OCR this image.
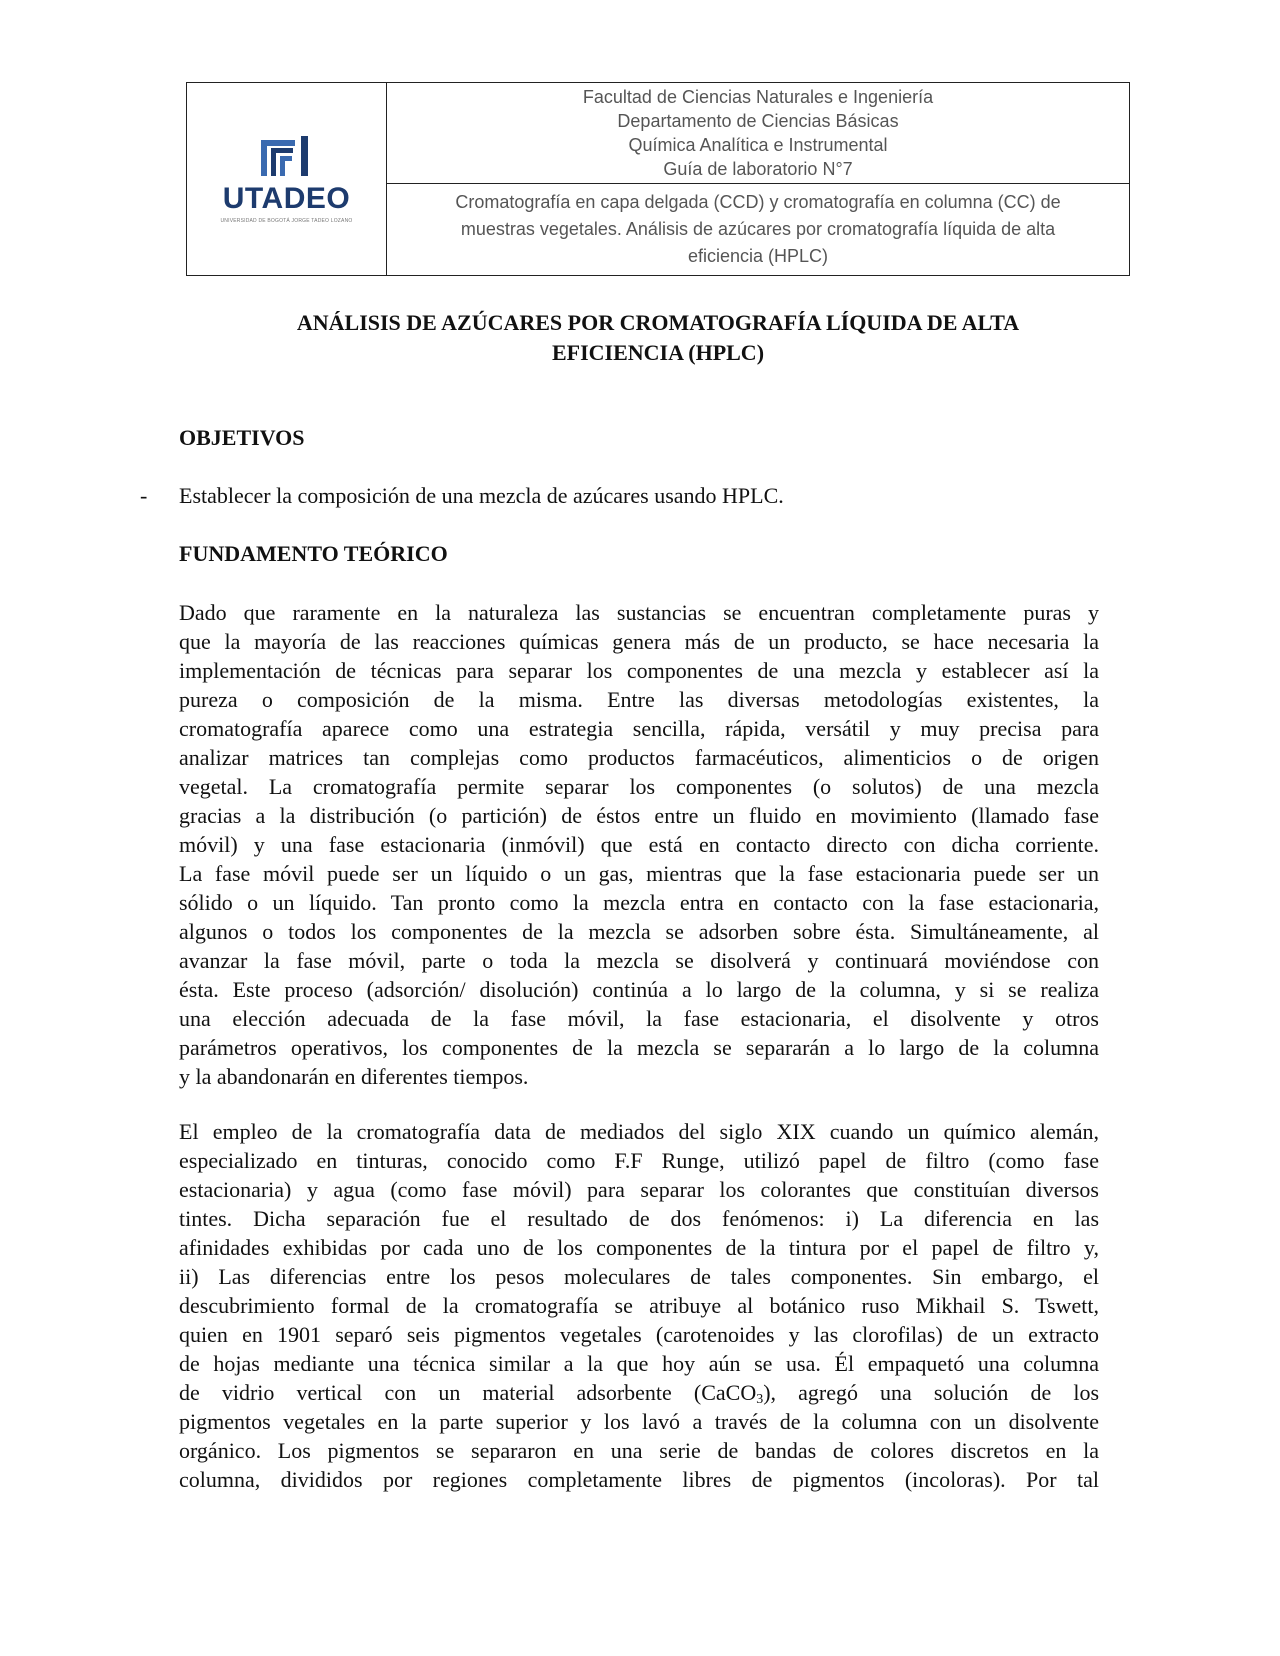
UTADEO
UNIVERSIDAD DE BOGOTÁ JORGE TADEO LOZANO
Facultad de Ciencias Naturales e Ingeniería
Departamento de Ciencias Básicas
Química Analítica e Instrumental
Guía de laboratorio N°7
Cromatografía en capa delgada (CCD) y cromatografía en columna (CC) de
muestras vegetales. Análisis de azúcares por cromatografía líquida de alta
eficiencia (HPLC)
ANÁLISIS DE AZÚCARES POR CROMATOGRAFÍA LÍQUIDA DE ALTA
EFICIENCIA (HPLC)
OBJETIVOS
- Establecer la composición de una mezcla de azúcares usando HPLC.
FUNDAMENTO TEÓRICO
Dado que raramente en la naturaleza las sustancias se encuentran completamente puras y
que la mayoría de las reacciones químicas genera más de un producto, se hace necesaria la
implementación de técnicas para separar los componentes de una mezcla y establecer así la
pureza o composición de la misma. Entre las diversas metodologías existentes, la
cromatografía aparece como una estrategia sencilla, rápida, versátil y muy precisa para
analizar matrices tan complejas como productos farmacéuticos, alimenticios o de origen
vegetal. La cromatografía permite separar los componentes (o solutos) de una mezcla
gracias a la distribución (o partición) de éstos entre un fluido en movimiento (llamado fase
móvil) y una fase estacionaria (inmóvil) que está en contacto directo con dicha corriente.
La fase móvil puede ser un líquido o un gas, mientras que la fase estacionaria puede ser un
sólido o un líquido. Tan pronto como la mezcla entra en contacto con la fase estacionaria,
algunos o todos los componentes de la mezcla se adsorben sobre ésta. Simultáneamente, al
avanzar la fase móvil, parte o toda la mezcla se disolverá y continuará moviéndose con
ésta. Este proceso (adsorción/ disolución) continúa a lo largo de la columna, y si se realiza
una elección adecuada de la fase móvil, la fase estacionaria, el disolvente y otros
parámetros operativos, los componentes de la mezcla se separarán a lo largo de la columna
y la abandonarán en diferentes tiempos.
El empleo de la cromatografía data de mediados del siglo XIX cuando un químico alemán,
especializado en tinturas, conocido como F.F Runge, utilizó papel de filtro (como fase
estacionaria) y agua (como fase móvil) para separar los colorantes que constituían diversos
tintes. Dicha separación fue el resultado de dos fenómenos: i) La diferencia en las
afinidades exhibidas por cada uno de los componentes de la tintura por el papel de filtro y,
ii) Las diferencias entre los pesos moleculares de tales componentes. Sin embargo, el
descubrimiento formal de la cromatografía se atribuye al botánico ruso Mikhail S. Tswett,
quien en 1901 separó seis pigmentos vegetales (carotenoides y las clorofilas) de un extracto
de hojas mediante una técnica similar a la que hoy aún se usa. Él empaquetó una columna
de vidrio vertical con un material adsorbente (CaCO$_3$), agregó una solución de los
pigmentos vegetales en la parte superior y los lavó a través de la columna con un disolvente
orgánico. Los pigmentos se separaron en una serie de bandas de colores discretos en la
columna, divididos por regiones completamente libres de pigmentos (incoloras). Por tal
